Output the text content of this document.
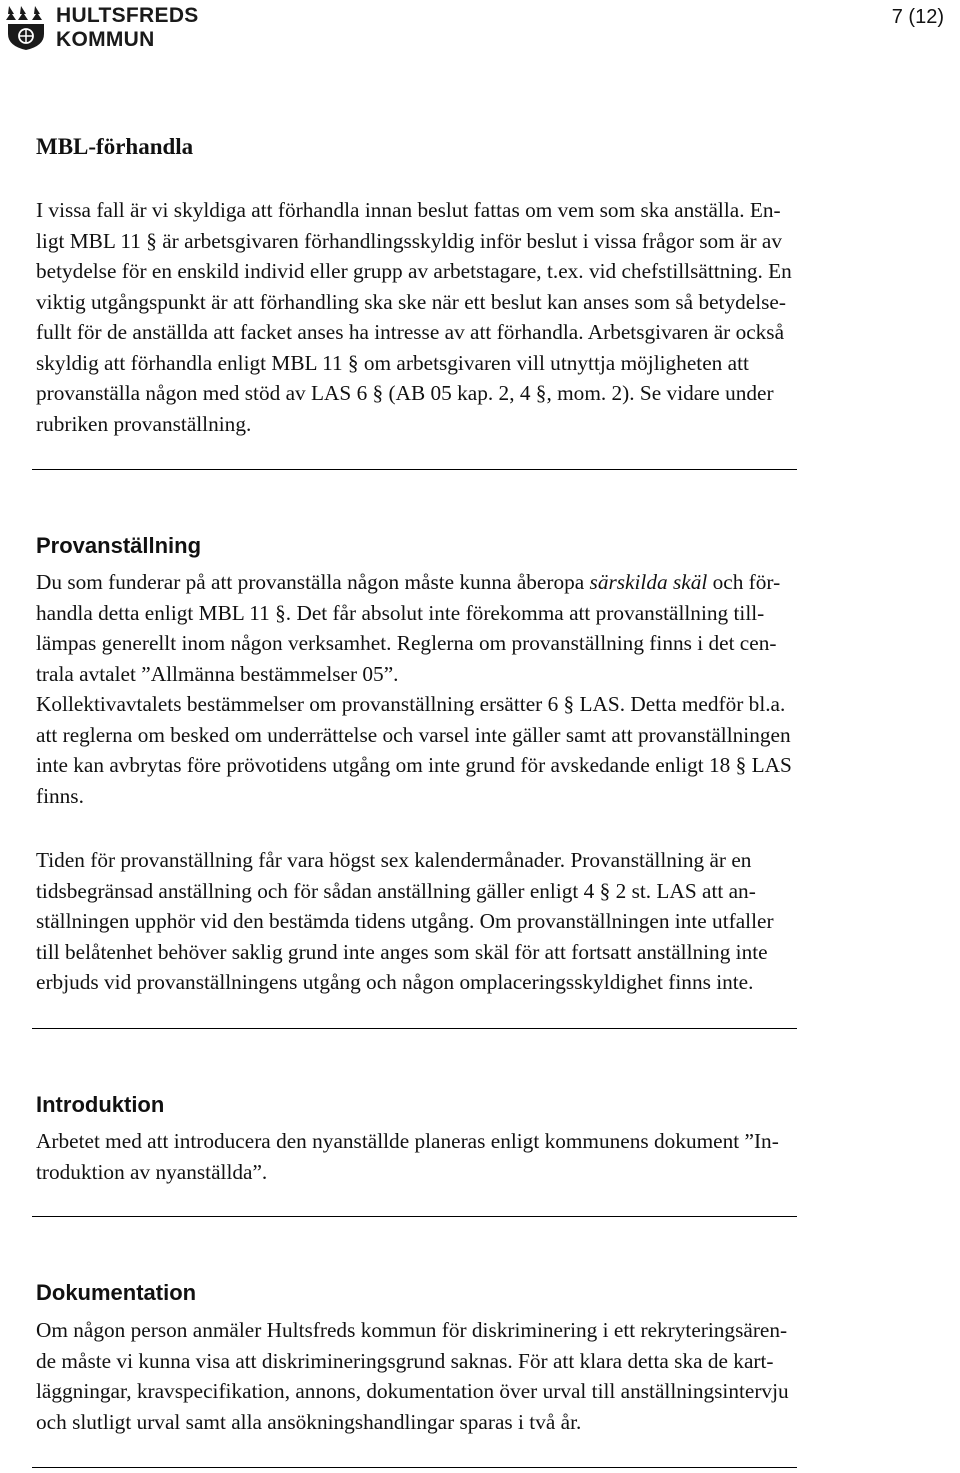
HULTSFREDS
KOMMUN
7 (12)
MBL-förhandla
I vissa fall är vi skyldiga att förhandla innan beslut fattas om vem som ska anställa. En-
ligt MBL 11 § är arbetsgivaren förhandlingsskyldig inför beslut i vissa frågor som är av
betydelse för en enskild individ eller grupp av arbetstagare, t.ex. vid chefstillsättning. En
viktig utgångspunkt är att förhandling ska ske när ett beslut kan anses som så betydelse-
fullt för de anställda att facket anses ha intresse av att förhandla. Arbetsgivaren är också
skyldig att förhandla enligt MBL 11 § om arbetsgivaren vill utnyttja möjligheten att
provanställa någon med stöd av LAS 6 § (AB 05 kap. 2, 4 §, mom. 2). Se vidare under
rubriken provanställning.
Provanställning
Du som funderar på att provanställa någon måste kunna åberopa särskilda skäl och för-
handla detta enligt MBL 11 §. Det får absolut inte förekomma att provanställning till-
lämpas generellt inom någon verksamhet. Reglerna om provanställning finns i det cen-
trala avtalet ”Allmänna bestämmelser 05”.
Kollektivavtalets bestämmelser om provanställning ersätter 6 § LAS. Detta medför bl.a.
att reglerna om besked om underrättelse och varsel inte gäller samt att provanställningen
inte kan avbrytas före prövotidens utgång om inte grund för avskedande enligt 18 § LAS
finns.
Tiden för provanställning får vara högst sex kalendermånader. Provanställning är en
tidsbegränsad anställning och för sådan anställning gäller enligt 4 § 2 st. LAS att an-
ställningen upphör vid den bestämda tidens utgång. Om provanställningen inte utfaller
till belåtenhet behöver saklig grund inte anges som skäl för att fortsatt anställning inte
erbjuds vid provanställningens utgång och någon omplaceringsskyldighet finns inte.
Introduktion
Arbetet med att introducera den nyanställde planeras enligt kommunens dokument ”In-
troduktion av nyanställda”.
Dokumentation
Om någon person anmäler Hultsfreds kommun för diskriminering i ett rekryteringsären-
de måste vi kunna visa att diskrimineringsgrund saknas. För att klara detta ska de kart-
läggningar, kravspecifikation, annons, dokumentation över urval till anställningsintervju
och slutligt urval samt alla ansökningshandlingar sparas i två år.
